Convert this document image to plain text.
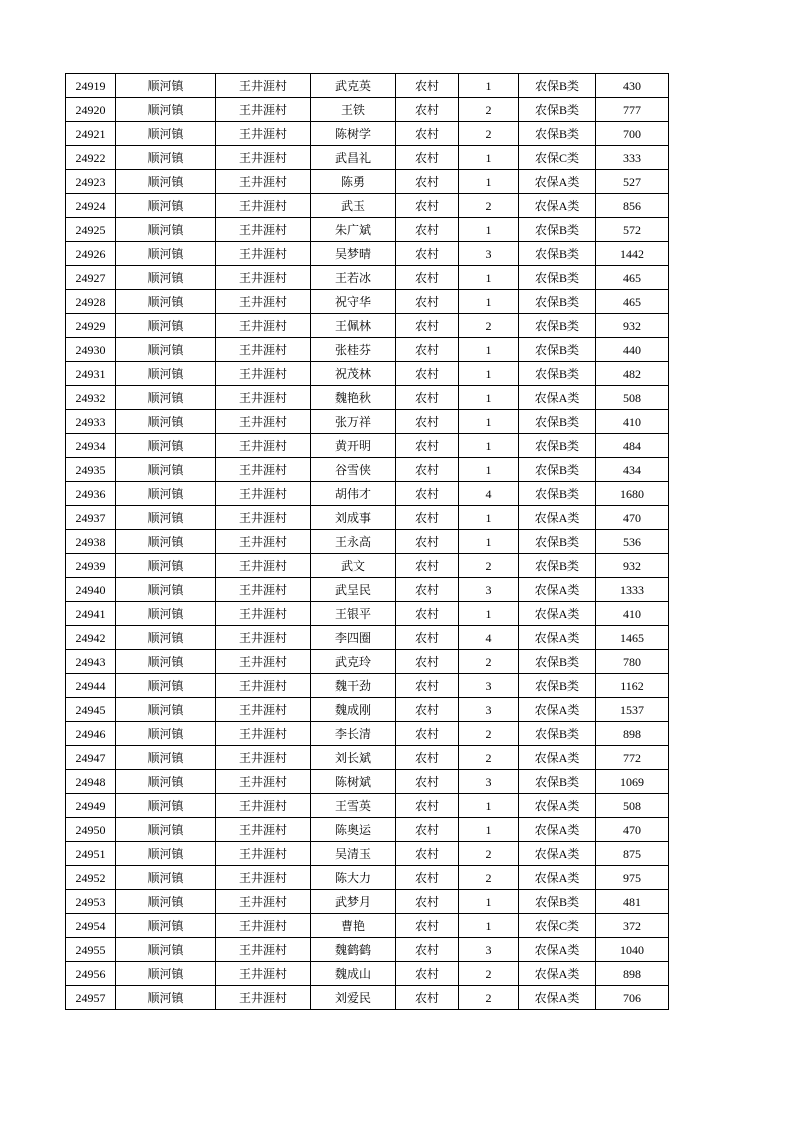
24919	顺河镇	王井涯村	武克英	农村	1	农保B类	430
24920	顺河镇	王井涯村	王铁	农村	2	农保B类	777
24921	顺河镇	王井涯村	陈树学	农村	2	农保B类	700
24922	顺河镇	王井涯村	武昌礼	农村	1	农保C类	333
24923	顺河镇	王井涯村	陈勇	农村	1	农保A类	527
24924	顺河镇	王井涯村	武玉	农村	2	农保A类	856
24925	顺河镇	王井涯村	朱广斌	农村	1	农保B类	572
24926	顺河镇	王井涯村	吴梦晴	农村	3	农保B类	1442
24927	顺河镇	王井涯村	王若冰	农村	1	农保B类	465
24928	顺河镇	王井涯村	祝守华	农村	1	农保B类	465
24929	顺河镇	王井涯村	王佩林	农村	2	农保B类	932
24930	顺河镇	王井涯村	张桂芬	农村	1	农保B类	440
24931	顺河镇	王井涯村	祝茂林	农村	1	农保B类	482
24932	顺河镇	王井涯村	魏艳秋	农村	1	农保A类	508
24933	顺河镇	王井涯村	张万祥	农村	1	农保B类	410
24934	顺河镇	王井涯村	黄开明	农村	1	农保B类	484
24935	顺河镇	王井涯村	谷雪侠	农村	1	农保B类	434
24936	顺河镇	王井涯村	胡伟才	农村	4	农保B类	1680
24937	顺河镇	王井涯村	刘成事	农村	1	农保A类	470
24938	顺河镇	王井涯村	王永高	农村	1	农保B类	536
24939	顺河镇	王井涯村	武文	农村	2	农保B类	932
24940	顺河镇	王井涯村	武呈民	农村	3	农保A类	1333
24941	顺河镇	王井涯村	王银平	农村	1	农保A类	410
24942	顺河镇	王井涯村	李四圈	农村	4	农保A类	1465
24943	顺河镇	王井涯村	武克玲	农村	2	农保B类	780
24944	顺河镇	王井涯村	魏干劲	农村	3	农保B类	1162
24945	顺河镇	王井涯村	魏成刚	农村	3	农保A类	1537
24946	顺河镇	王井涯村	李长清	农村	2	农保B类	898
24947	顺河镇	王井涯村	刘长斌	农村	2	农保A类	772
24948	顺河镇	王井涯村	陈树斌	农村	3	农保B类	1069
24949	顺河镇	王井涯村	王雪英	农村	1	农保A类	508
24950	顺河镇	王井涯村	陈奥运	农村	1	农保A类	470
24951	顺河镇	王井涯村	吴清玉	农村	2	农保A类	875
24952	顺河镇	王井涯村	陈大力	农村	2	农保A类	975
24953	顺河镇	王井涯村	武梦月	农村	1	农保B类	481
24954	顺河镇	王井涯村	曹艳	农村	1	农保C类	372
24955	顺河镇	王井涯村	魏鹤鹤	农村	3	农保A类	1040
24956	顺河镇	王井涯村	魏成山	农村	2	农保A类	898
24957	顺河镇	王井涯村	刘爱民	农村	2	农保A类	706
